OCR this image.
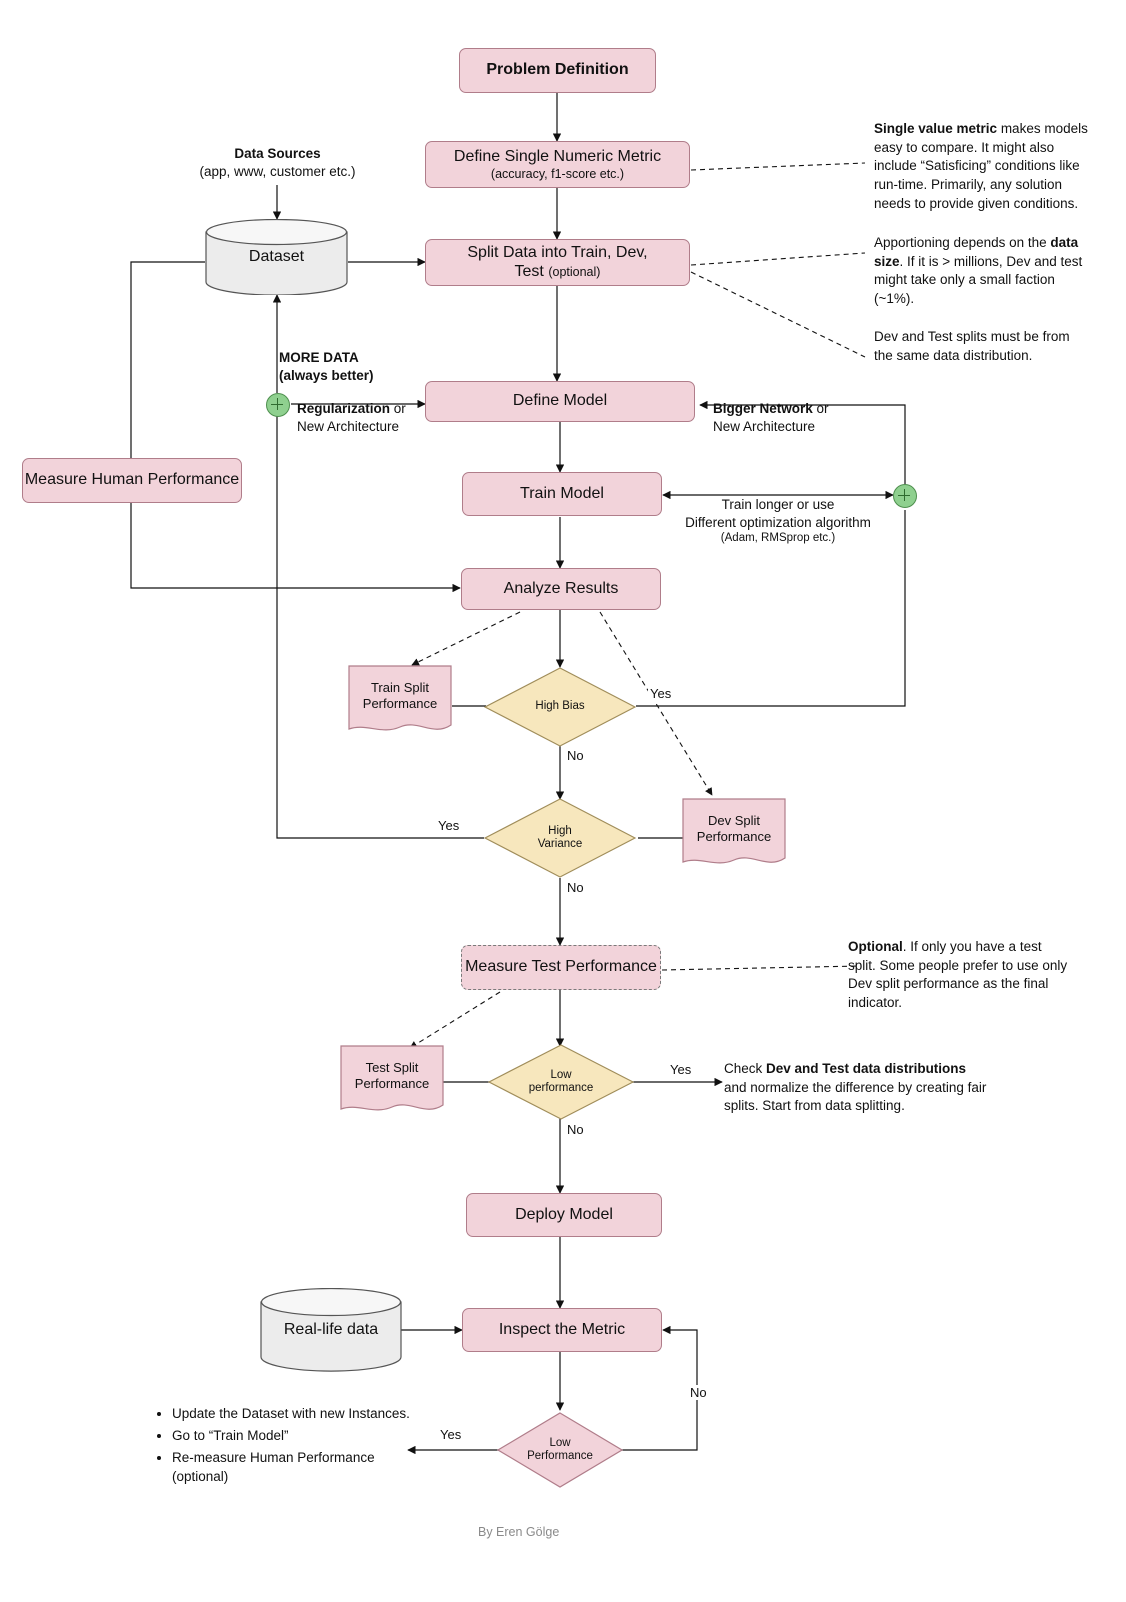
Problem Definition
Define Single Numeric Metric
(accuracy, f1-score etc.)
Split Data into Train, Dev,
Test (optional)
Define Model
Train Model
Analyze Results
Measure Human Performance
Measure Test Performance
Deploy Model
Inspect the Metric
Dataset
Real-life data
Train Split Performance
Dev Split Performance
Test Split Performance
High Bias
High
Variance
Low
performance
Low
Performance
Yes
No
Yes
No
Yes
No
Yes
No
Data Sources
(app, www, customer etc.)
MORE DATA
(always better)
Regularization or
New Architecture
Bigger Network or
New Architecture
Train longer or use
Different optimization algorithm
(Adam, RMSprop etc.)
Single value metric makes models easy to compare. It might also include “Satisficing” conditions like run-time. Primarily, any solution needs to provide given conditions.
Apportioning depends on the data size. If it is > millions, Dev and test might take only a small faction (~1%).
Dev and Test splits must be from the same data distribution.
Optional. If only you have a test split. Some people prefer to use only Dev split performance as the final indicator.
Check Dev and Test data distributions and normalize the difference by creating fair splits. Start from data splitting.
• Update the Dataset with new Instances.
• Go to “Train Model”
• Re-measure Human Performance (optional)
By Eren Gölge
